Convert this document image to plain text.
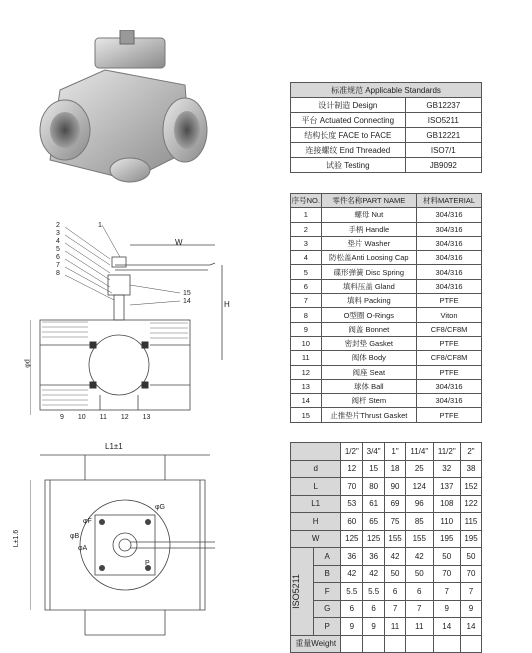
标准规范 Applicable Standards	
设计制造 Design	GB12237
平台 Actuated Connecting	ISO5211
结构长度 FACE to FACE	GB12221
连接螺纹 End Threaded	ISO7/1
试验 Testing	JB9092
序号NO.	零件名称PART NAME	材料MATERIAL
1	螺母 Nut	304/316
2	手柄 Handle	304/316
3	垫片 Washer	304/316
4	防松盖Anti Loosing Cap	304/316
5	碟形弹簧 Disc Spring	304/316
6	填料压盖 Gland	304/316
7	填料 Packing	PTFE
8	O型圈 O-Rings	Viton
9	阀盖 Bonnet	CF8/CF8M
10	密封垫 Gasket	PTFE
11	阀体 Body	CF8/CF8M
12	阀座 Seat	PTFE
13	球体 Ball	304/316
14	阀杆 Stem	304/316
15	止推垫片Thrust Gasket	PTFE
		1/2"	3/4"	1"	11/4"	11/2"	2"
d		12	15	18	25	32	38
L		70	80	90	124	137	152
L1		53	61	69	96	108	122
H		60	65	75	85	110	115
W		125	125	155	155	195	195

ISO5211	A	36	36	42	42	50	50
	B	42	42	50	50	70	70
	F	5.5	5.5	6	6	7	7
	G	6	6	7	7	9	9
	P	9	9	11	11	14	14
重量Weight							
2
3
4
5
6
7
8
1
15
14
W
H
φd
9 10 11 12 13
L1±1
L±1.6
φG
φF
φB
φA
P
